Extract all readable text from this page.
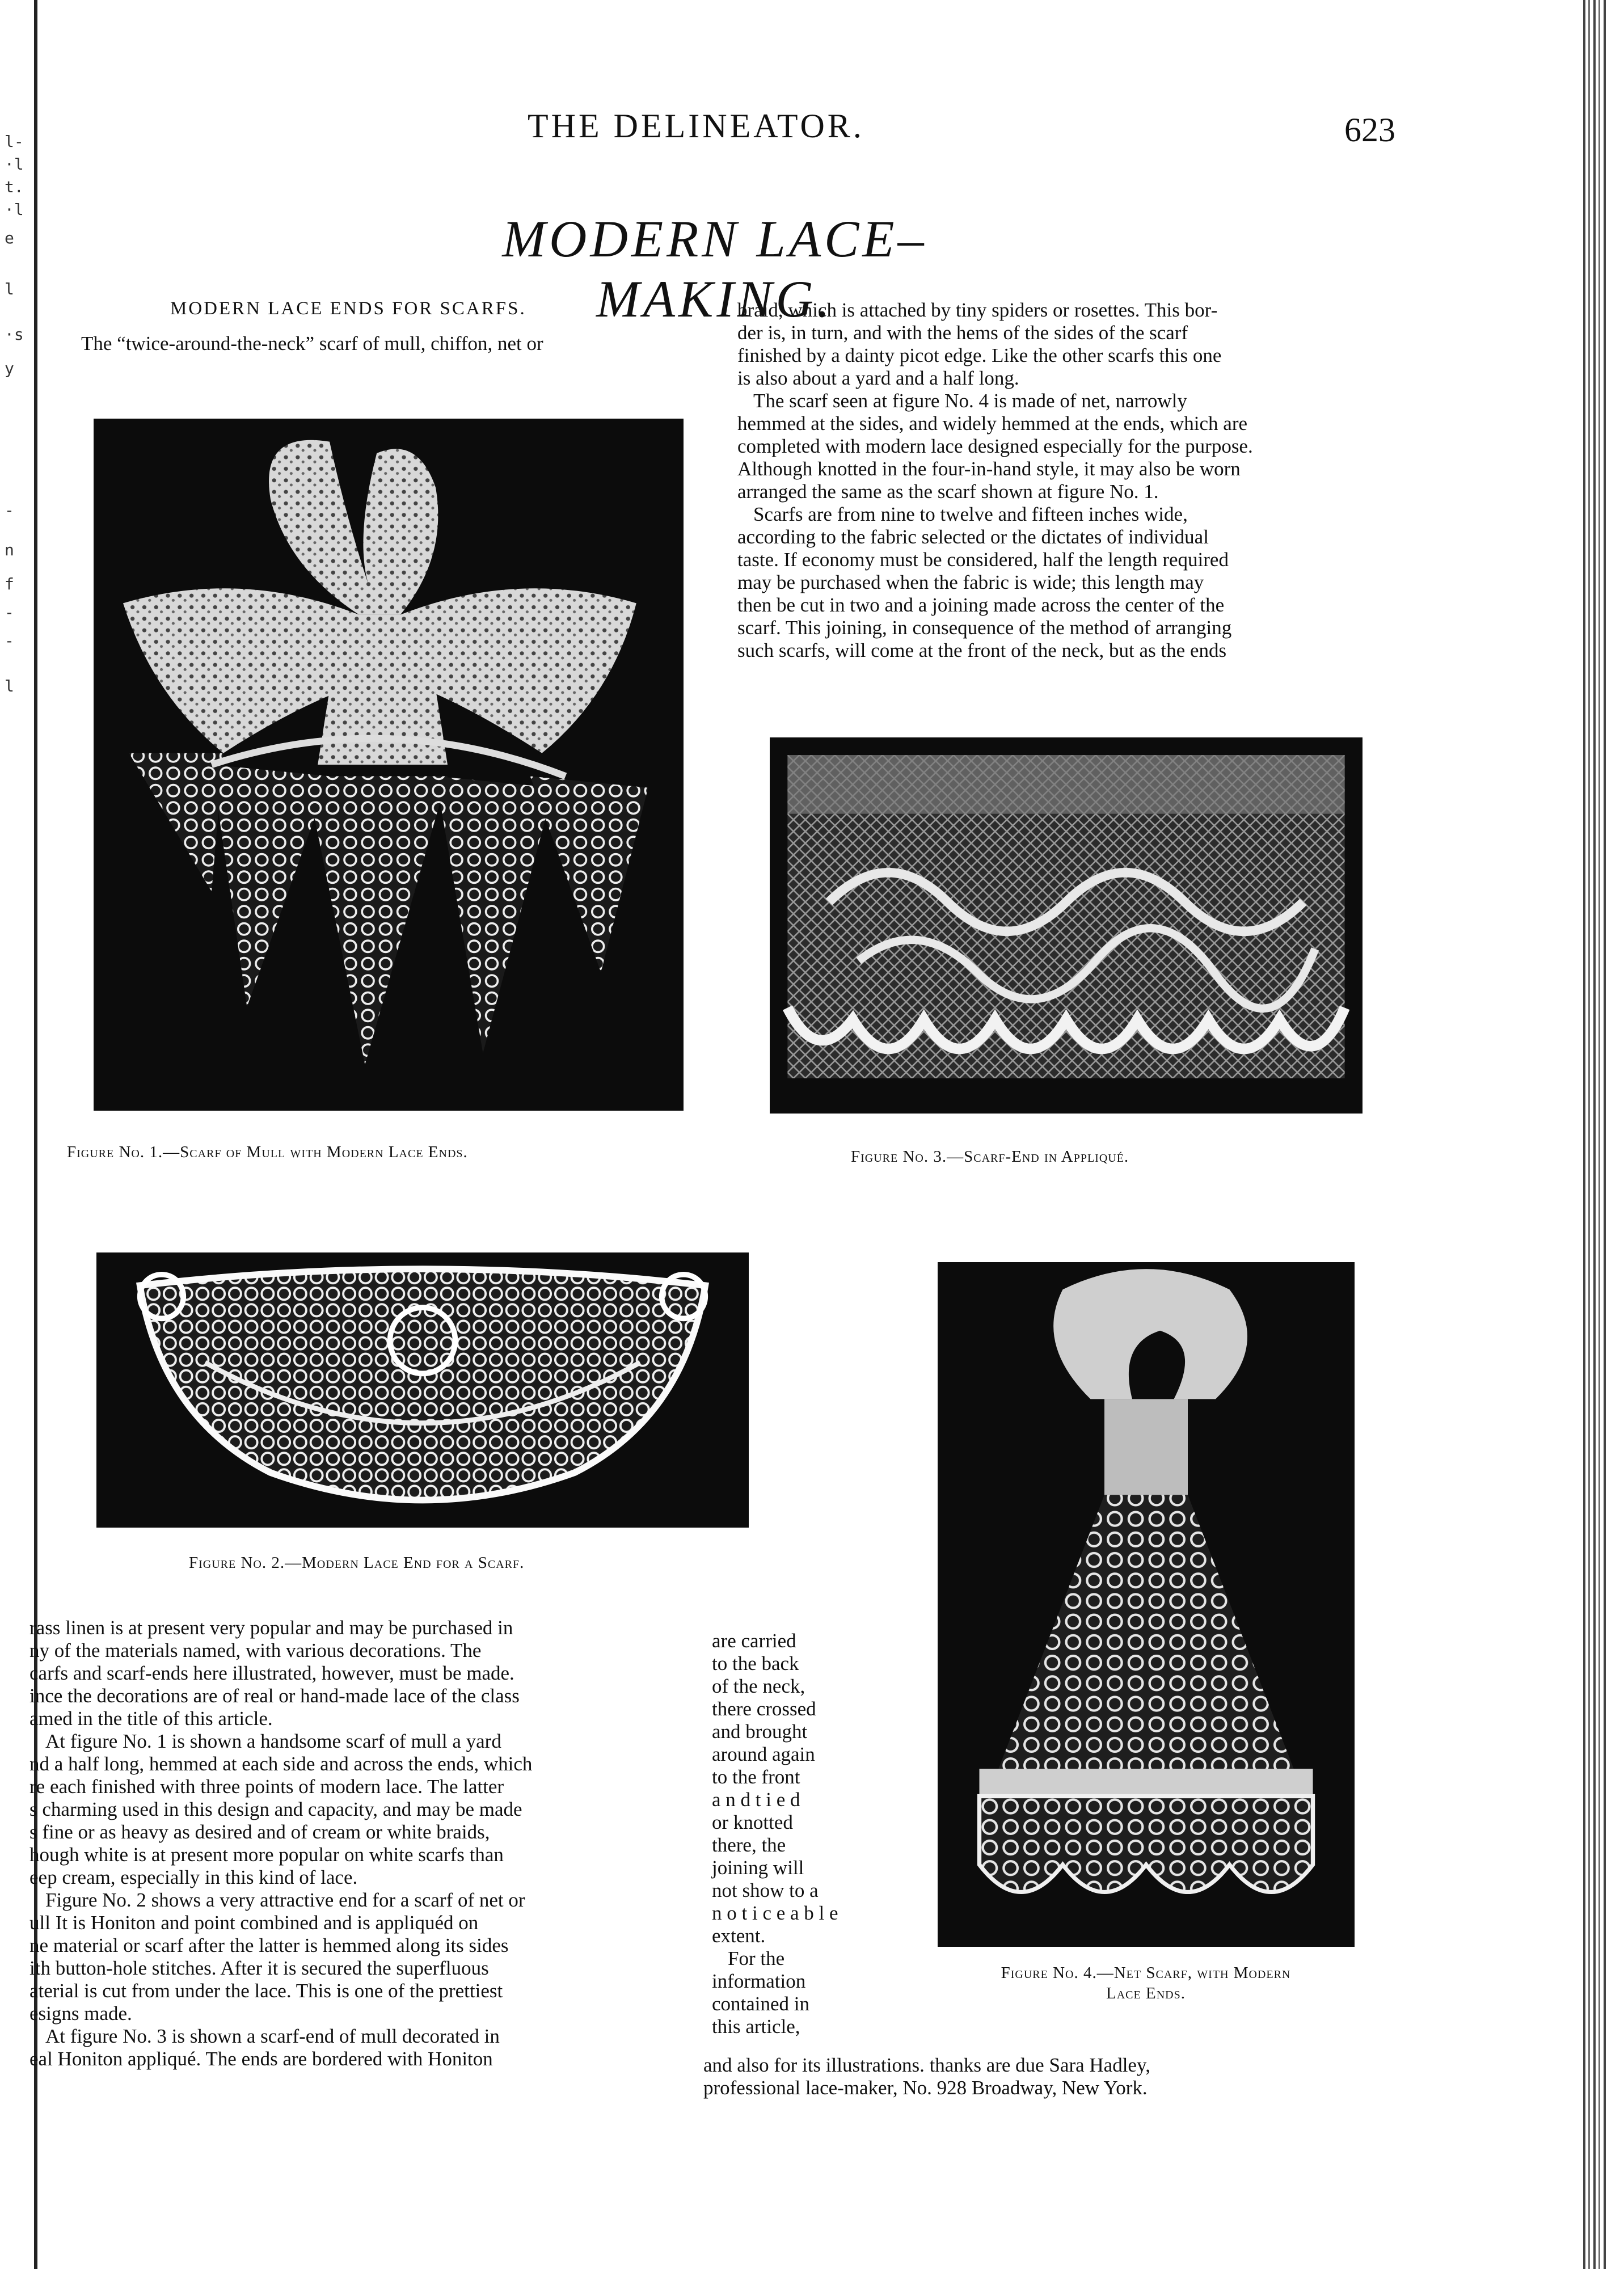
l-
·l
t.
·l
e
l
·s
y
-
n
f
-
-
l
THE DELINEATOR.	623
MODERN LACE–MAKING.
MODERN LACE ENDS FOR SCARFS.

The “twice-around-the-neck” scarf of mull, chiffon, net or

braid, which is attached by tiny spiders or rosettes. This bor-

der is, in turn, and with the hems of the sides of the scarf

finished by a dainty picot edge. Like the other scarfs this one

is also about a yard and a half long.

The scarf seen at figure No. 4 is made of net, narrowly

hemmed at the sides, and widely hemmed at the ends, which are

completed with modern lace designed especially for the purpose.

Although knotted in the four-in-hand style, it may also be worn

arranged the same as the scarf shown at figure No. 1.

Scarfs are from nine to twelve and fifteen inches wide,

according to the fabric selected or the dictates of individual

taste. If economy must be considered, half the length required

may be purchased when the fabric is wide; this length may

then be cut in two and a joining made across the center of the

scarf. This joining, in consequence of the method of arranging

such scarfs, will come at the front of the neck, but as the ends

Figure No. 1.—Scarf of Mull with Modern Lace Ends.	Figure No. 3.—Scarf-End in Appliqué.
Figure No. 2.—Modern Lace End for a Scarf.
Figure No. 4.—Net Scarf, with Modern
Lace Ends.

rass linen is at present very popular and may be purchased in

ny of the materials named, with various decorations. The

carfs and scarf-ends here illustrated, however, must be made.

ince the decorations are of real or hand-made lace of the class

amed in the title of this article.

At figure No. 1 is shown a handsome scarf of mull a yard

nd a half long, hemmed at each side and across the ends, which

re each finished with three points of modern lace. The latter

s charming used in this design and capacity, and may be made

s fine or as heavy as desired and of cream or white braids,

hough white is at present more popular on white scarfs than

eep cream, especially in this kind of lace.

Figure No. 2 shows a very attractive end for a scarf of net or

ull It is Honiton and point combined and is appliquéd on

ne material or scarf after the latter is hemmed along its sides

ith button-hole stitches. After it is secured the superfluous

aterial is cut from under the lace. This is one of the prettiest

esigns made.

At figure No. 3 is shown a scarf-end of mull decorated in

eal Honiton appliqué. The ends are bordered with Honiton

are carried

to the back

of the neck,

there crossed

and brought

around again

to the front

a n d t i e d

or knotted

there, the

joining will

not show to a

n o t i c e a b l e

extent.

For the

information

contained in

this article,

and also for its illustrations. thanks are due Sara Hadley,

professional lace-maker, No. 928 Broadway, New York.
